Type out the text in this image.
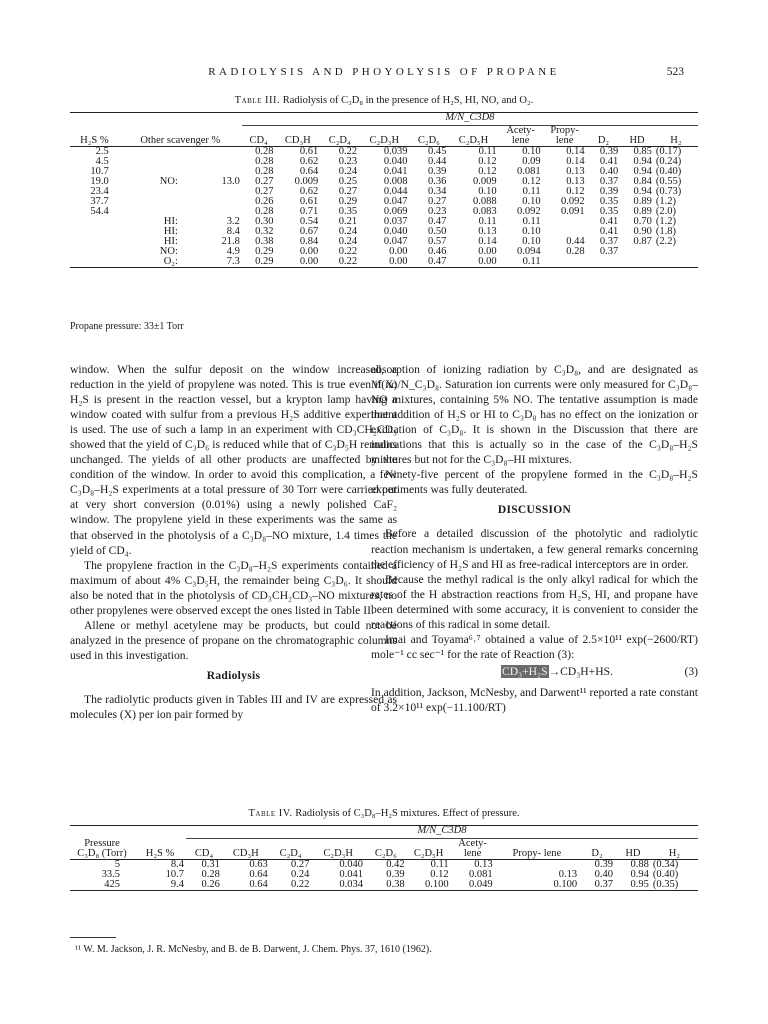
RADIOLYSIS AND PHOYOLYSIS OF PROPANE	523
Table III. Radiolysis of C₃D₈ in the presence of H₂S, HI, NO, and O₂.
			M/N_C3D8										
H₂S %	Other scavenger %		CD₄	CD₃H	C₂D₄	C₂D₃H	C₂D₆	C₂D₅H	Acety- lene	Propy- lene	D₂	HD	H₂
2.5			0.28	0.61	0.22	0.039	0.45	0.11	0.10	0.14	0.39	0.85	(0.17)
4.5			0.28	0.62	0.23	0.040	0.44	0.12	0.09	0.14	0.41	0.94	(0.24)
10.7			0.28	0.64	0.24	0.041	0.39	0.12	0.081	0.13	0.40	0.94	(0.40)
19.0	NO:	13.0	0.27	0.009	0.25	0.008	0.36	0.009	0.12	0.13	0.37	0.84	(0.55)
23.4			0.27	0.62	0.27	0.044	0.34	0.10	0.11	0.12	0.39	0.94	(0.73)
37.7			0.26	0.61	0.29	0.047	0.27	0.088	0.10	0.092	0.35	0.89	(1.2)
54.4			0.28	0.71	0.35	0.069	0.23	0.083	0.092	0.091	0.35	0.89	(2.0)
	HI:	3.2	0.30	0.54	0.21	0.037	0.47	0.11	0.11		0.41	0.70	(1.2)
	HI:	8.4	0.32	0.67	0.24	0.040	0.50	0.13	0.10		0.41	0.90	(1.8)
	HI:	21.8	0.38	0.84	0.24	0.047	0.57	0.14	0.10	0.44	0.37	0.87	(2.2)
	NO:	4.9	0.29	0.00	0.22	0.00	0.46	0.00	0.094	0.28	0.37		
	O₂:	7.3	0.29	0.00	0.22	0.00	0.47	0.00	0.11				
Propane pressure: 33±1 Torr

window. When the sulfur deposit on the window increased, a reduction in the yield of propylene was noted. This is true even if no H₂S is present in the reaction vessel, but a krypton lamp having a window coated with sulfur from a previous H₂S additive experiment is used. The use of such a lamp in an experiment with CD₃CH₂CD₃ showed that the yield of C₃D₆ is reduced while that of C₃D₅H remains unchanged. The yields of all other products are unaffected by the condition of the window. In order to avoid this complication, a few C₃D₈–H₂S experiments at a total pressure of 30 Torr were carried out at very short conversion (0.01%) using a newly polished CaF₂ window. The propylene yield in these experiments was the same as that observed in the photolysis of a C₃D₈–NO mixture, 1.4 times the yield of CD₄.

The propylene fraction in the C₃D₈–H₂S experiments contained a maximum of about 4% C₃D₅H, the remainder being C₃D₆. It should also be noted that in the photolysis of CD₃CH₂CD₃–NO mixtures, no other propylenes were observed except the ones listed in Table II.

Allene or methyl acetylene may be products, but could not be analyzed in the presence of propane on the chromatographic columns used in this investigation.

Radiolysis

The radiolytic products given in Tables III and IV are expressed as molecules (X) per ion pair formed by

absorption of ionizing radiation by C₃D₈, and are designated as M(X)/N_C₃D₈. Saturation ion currents were only measured for C₃D₈–NO mixtures, containing 5% NO. The tentative assumption is made that addition of H₂S or HI to C₃D₈ has no effect on the ionization or excitation of C₃D₈. It is shown in the Discussion that there are indications that this is actually so in the case of the C₃D₈–H₂S mixtures but not for the C₃D₈–HI mixtures.

Ninety-five percent of the propylene formed in the C₃D₈–H₂S experiments was fully deuterated.

DISCUSSION

Before a detailed discussion of the photolytic and radiolytic reaction mechanism is undertaken, a few general remarks concerning the efficiency of H₂S and HI as free-radical interceptors are in order.

Because the methyl radical is the only alkyl radical for which the rates of the H abstraction reactions from H₂S, HI, and propane have been determined with some accuracy, it is convenient to consider the reactions of this radical in some detail.

Imai and Toyama⁶˒⁷ obtained a value of 2.5×10¹¹ exp(−2600/RT) mole⁻¹ cc sec⁻¹ for the rate of Reaction (3):

CD₃+H₂S→CD₃H+HS.	(3)

In addition, Jackson, McNesby, and Darwent¹¹ reported a rate constant of 3.2×10¹¹ exp(−11.100/RT)

Table IV. Radiolysis of C₃D₈–H₂S mixtures. Effect of pressure.
		M/N_C3D8										
Pressure C₃D₈ (Torr)	H₂S %	CD₄	CD₃H	C₂D₄	C₂D₃H	C₂D₆	C₂D₅H	Acety- lene	Propy- lene	D₂	HD	H₂
5	8.4	0.31	0.63	0.27	0.040	0.42	0.11	0.13		0.39	0.88	(0.34)
33.5	10.7	0.28	0.64	0.24	0.041	0.39	0.12	0.081	0.13	0.40	0.94	(0.40)
425	9.4	0.26	0.64	0.22	0.034	0.38	0.100	0.049	0.100	0.37	0.95	(0.35)
¹¹ W. M. Jackson, J. R. McNesby, and B. de B. Darwent, J. Chem. Phys. 37, 1610 (1962).
